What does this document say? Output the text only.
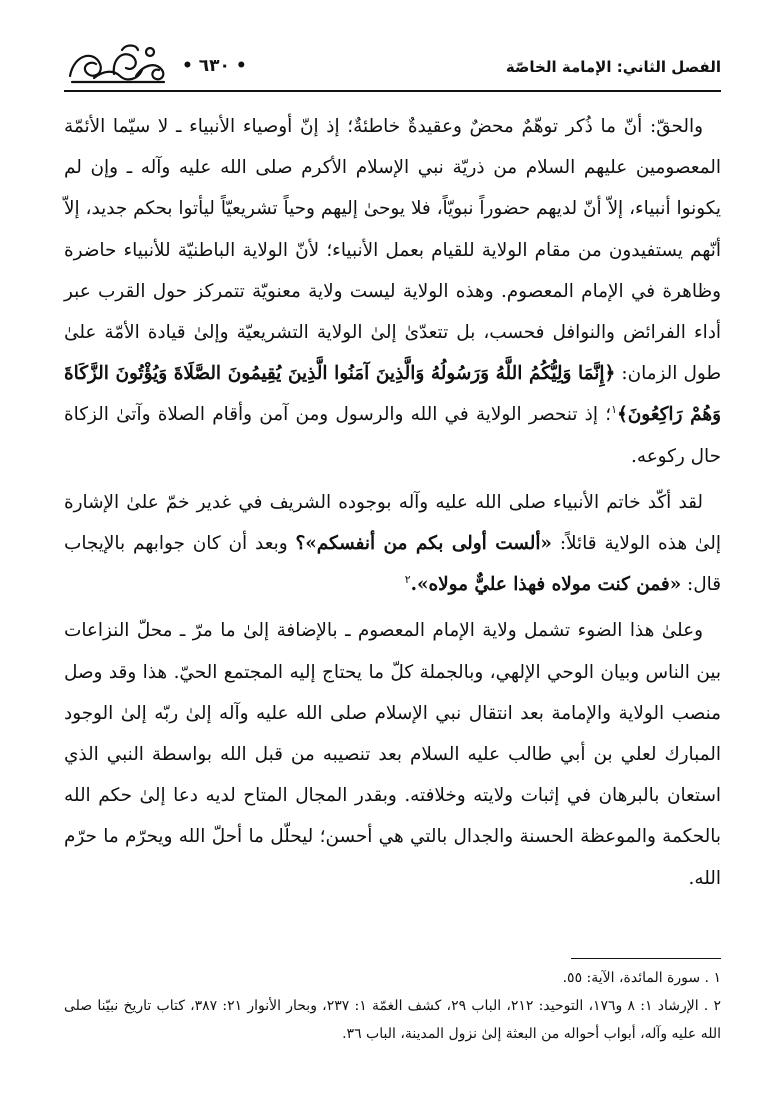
الفصل الثاني: الإمامة الخاصّة
• ٦٣٠ •

والحقّ: أنّ ما ذُكر توهّمٌ محضٌ وعقيدةٌ خاطئةٌ؛ إذ إنّ أوصياء الأنبياء ـ لا سيّما الأئمّة المعصومين عليهم السلام من ذريّة نبي الإسلام الأكرم صلى الله عليه وآله ـ وإن لم يكونوا أنبياء، إلاّ أنّ لديهم حضوراً نبويّاً، فلا يوحىٰ إليهم وحياً تشريعيّاً ليأتوا بحكم جديد، إلاّ أنّهم يستفيدون من مقام الولاية للقيام بعمل الأنبياء؛ لأنّ الولاية الباطنيّة للأنبياء حاضرة وظاهرة في الإمام المعصوم. وهذه الولاية ليست ولاية معنويّة تتمركز حول القرب عبر أداء الفرائض والنوافل فحسب، بل تتعدّىٰ إلىٰ الولاية التشريعيّة وإلىٰ قيادة الأمّة علىٰ طول الزمان: ﴿إِنَّمَا وَلِيُّكُمُ اللَّهُ وَرَسُولُهُ وَالَّذِينَ آمَنُوا الَّذِينَ يُقِيمُونَ الصَّلَاةَ وَيُؤْتُونَ الزَّكَاةَ وَهُمْ رَاكِعُونَ﴾$^١$؛ إذ تنحصر الولاية في الله والرسول ومن آمن وأقام الصلاة وآتىٰ الزكاة حال ركوعه.

لقد أكّد خاتم الأنبياء صلى الله عليه وآله بوجوده الشريف في غدير خمّ علىٰ الإشارة إلىٰ هذه الولاية قائلاً: «ألست أولى بكم من أنفسكم»؟ وبعد أن كان جوابهم بالإيجاب قال: «فمن كنت مولاه فهذا عليٌّ مولاه».$^٢$

وعلىٰ هذا الضوء تشمل ولاية الإمام المعصوم ـ بالإضافة إلىٰ ما مرّ ـ محلّ النزاعات بين الناس وبيان الوحي الإلهي، وبالجملة كلّ ما يحتاج إليه المجتمع الحيّ. هذا وقد وصل منصب الولاية والإمامة بعد انتقال نبي الإسلام صلى الله عليه وآله إلىٰ ربّه إلىٰ الوجود المبارك لعلي بن أبي طالب عليه السلام بعد تنصيبه من قبل الله بواسطة النبي الذي استعان بالبرهان في إثبات ولايته وخلافته. وبقدر المجال المتاح لديه دعا إلىٰ حكم الله بالحكمة والموعظة الحسنة والجدال بالتي هي أحسن؛ ليحلّل ما أحلّ الله ويحرّم ما حرّم الله.

١ . سورة المائدة، الآية: ٥٥.

٢ . الإرشاد ١: ٨ و١٧٦، التوحيد: ٢١٢، الباب ٢٩، كشف الغمّة ١: ٢٣٧، وبحار الأنوار ٢١: ٣٨٧، كتاب تاريخ نبيّنا صلى الله عليه وآله، أبواب أحواله من البعثة إلىٰ نزول المدينة، الباب ٣٦.
